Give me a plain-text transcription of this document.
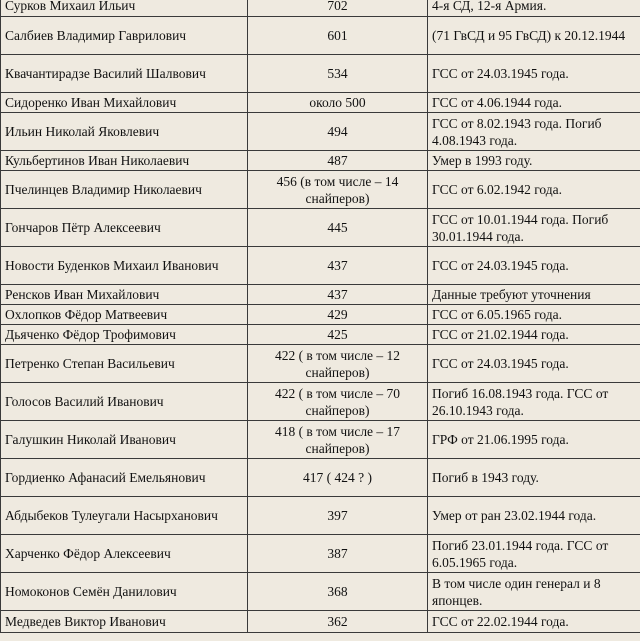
Сурков Михаил Ильич	702	4-я СД, 12-я Армия.
Салбиев Владимир Гаврилович	601	(71 ГвСД и 95 ГвСД) к 20.12.1944
Квачантирадзе Василий Шалвович	534	ГСС от 24.03.1945 года.
Сидоренко Иван Михайлович	около 500	ГСС от 4.06.1944 года.
Ильин Николай Яковлевич	494	ГСС от 8.02.1943 года. Погиб 4.08.1943 года.
Кульбертинов Иван Николаевич	487	Умер в 1993 году.
Пчелинцев Владимир Николаевич	456 (в том числе – 14 снайперов)	ГСС от 6.02.1942 года.
Гончаров Пётр Алексеевич	445	ГСС от 10.01.1944 года. Погиб 30.01.1944 года.
Новости Буденков Михаил Иванович	437	ГСС от 24.03.1945 года.
Ренсков Иван Михайлович	437	Данные требуют уточнения
Охлопков Фёдор Матвеевич	429	ГСС от 6.05.1965 года.
Дьяченко Фёдор Трофимович	425	ГСС от 21.02.1944 года.
Петренко Степан Васильевич	422 ( в том числе – 12 снайперов)	ГСС от 24.03.1945 года.
Голосов Василий Иванович	422 ( в том числе – 70 снайперов)	Погиб 16.08.1943 года. ГСС от 26.10.1943 года.
Галушкин Николай Иванович	418 ( в том числе – 17 снайперов)	ГРФ от 21.06.1995 года.
Гордиенко Афанасий Емельянович	417 ( 424 ? )	Погиб в 1943 году.
Абдыбеков Тулеугали Насырханович	397	Умер от ран 23.02.1944 года.
Харченко Фёдор Алексеевич	387	Погиб 23.01.1944 года. ГСС от 6.05.1965 года.
Номоконов Семён Данилович	368	В том числе один генерал и 8 японцев.
Медведев Виктор Иванович	362	ГСС от 22.02.1944 года.
